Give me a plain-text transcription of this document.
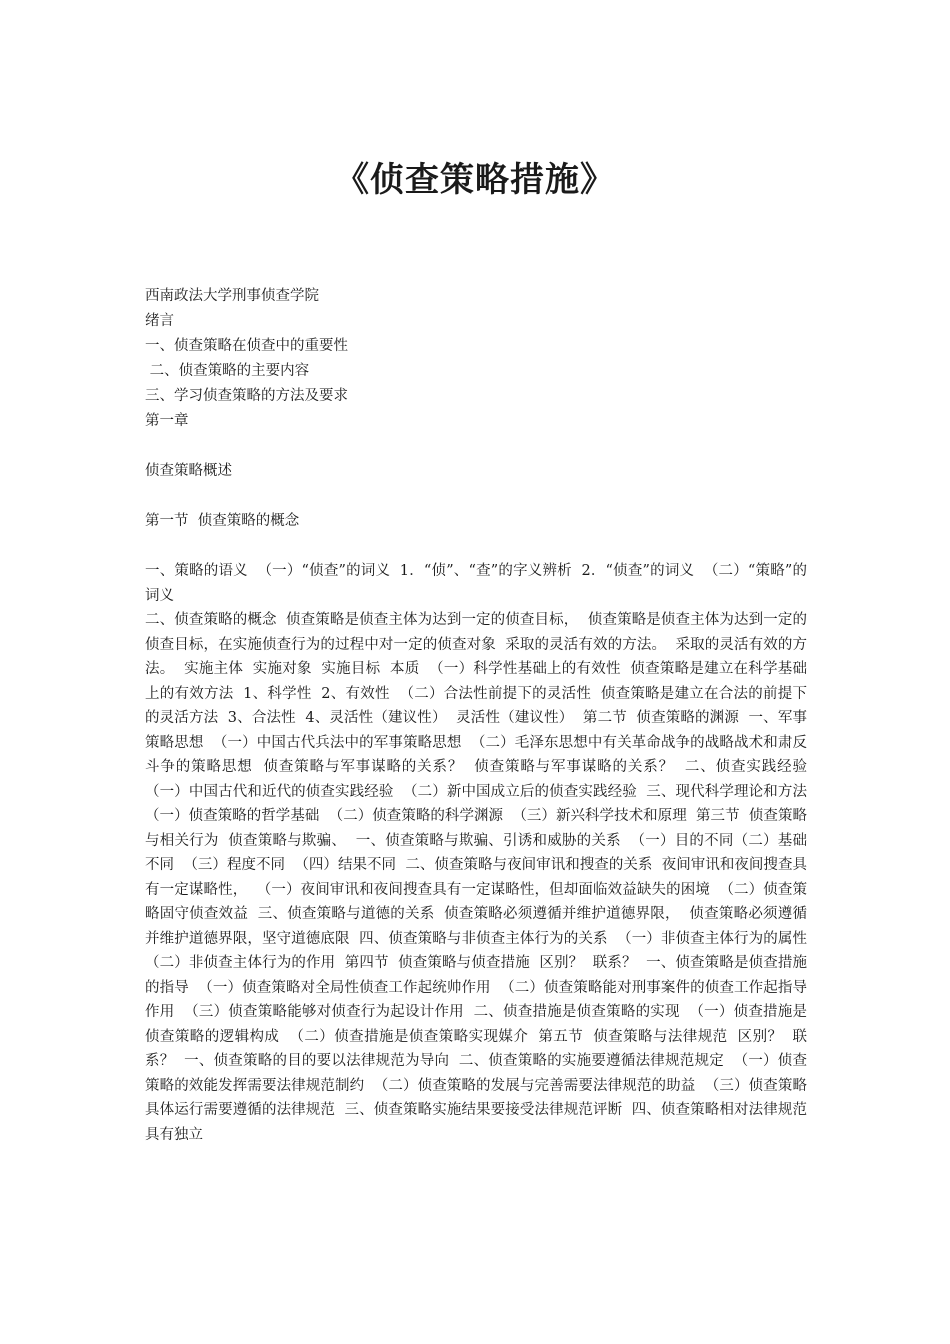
《侦查策略措施》

西南政法大学刑事侦查学院

绪言

一、侦查策略在侦查中的重要性

二、侦查策略的主要内容

三、学习侦查策略的方法及要求

第一章

侦查策略概述

第一节  侦查策略的概念

一、策略的语义  （一）“侦查”的词义  1．“侦”、“查”的字义辨析  2．“侦查”的词义  （二）“策略”的词义

二、侦查策略的概念  侦查策略是侦查主体为达到一定的侦查目标，  侦查策略是侦查主体为达到一定的侦查目标，在实施侦查行为的过程中对一定的侦查对象  采取的灵活有效的方法。  采取的灵活有效的方法。  实施主体  实施对象  实施目标  本质  （一）科学性基础上的有效性  侦查策略是建立在科学基础上的有效方法  1、科学性  2、有效性  （二）合法性前提下的灵活性  侦查策略是建立在合法的前提下的灵活方法  3、合法性  4、灵活性（建议性）  灵活性（建议性）  第二节  侦查策略的渊源  一、军事策略思想  （一）中国古代兵法中的军事策略思想  （二）毛泽东思想中有关革命战争的战略战术和肃反斗争的策略思想  侦查策略与军事谋略的关系？  侦查策略与军事谋略的关系？  二、侦查实践经验  （一）中国古代和近代的侦查实践经验  （二）新中国成立后的侦查实践经验  三、现代科学理论和方法  （一）侦查策略的哲学基础  （二）侦查策略的科学渊源  （三）新兴科学技术和原理  第三节  侦查策略与相关行为  侦查策略与欺骗、  一、侦查策略与欺骗、引诱和威胁的关系  （一）目的不同（二）基础不同  （三）程度不同  （四）结果不同  二、侦查策略与夜间审讯和搜查的关系  夜间审讯和夜间搜查具有一定谋略性，  （一）夜间审讯和夜间搜查具有一定谋略性，但却面临效益缺失的困境  （二）侦查策略固守侦查效益  三、侦查策略与道德的关系  侦查策略必须遵循并维护道德界限，  侦查策略必须遵循并维护道德界限，坚守道德底限  四、侦查策略与非侦查主体行为的关系  （一）非侦查主体行为的属性  （二）非侦查主体行为的作用  第四节  侦查策略与侦查措施  区别？  联系？  一、侦查策略是侦查措施的指导  （一）侦查策略对全局性侦查工作起统帅作用  （二）侦查策略能对刑事案件的侦查工作起指导作用  （三）侦查策略能够对侦查行为起设计作用  二、侦查措施是侦查策略的实现  （一）侦查措施是侦查策略的逻辑构成  （二）侦查措施是侦查策略实现媒介  第五节  侦查策略与法律规范  区别？  联系？  一、侦查策略的目的要以法律规范为导向  二、侦查策略的实施要遵循法律规范规定  （一）侦查策略的效能发挥需要法律规范制约  （二）侦查策略的发展与完善需要法律规范的助益  （三）侦查策略具体运行需要遵循的法律规范  三、侦查策略实施结果要接受法律规范评断  四、侦查策略相对法律规范具有独立
